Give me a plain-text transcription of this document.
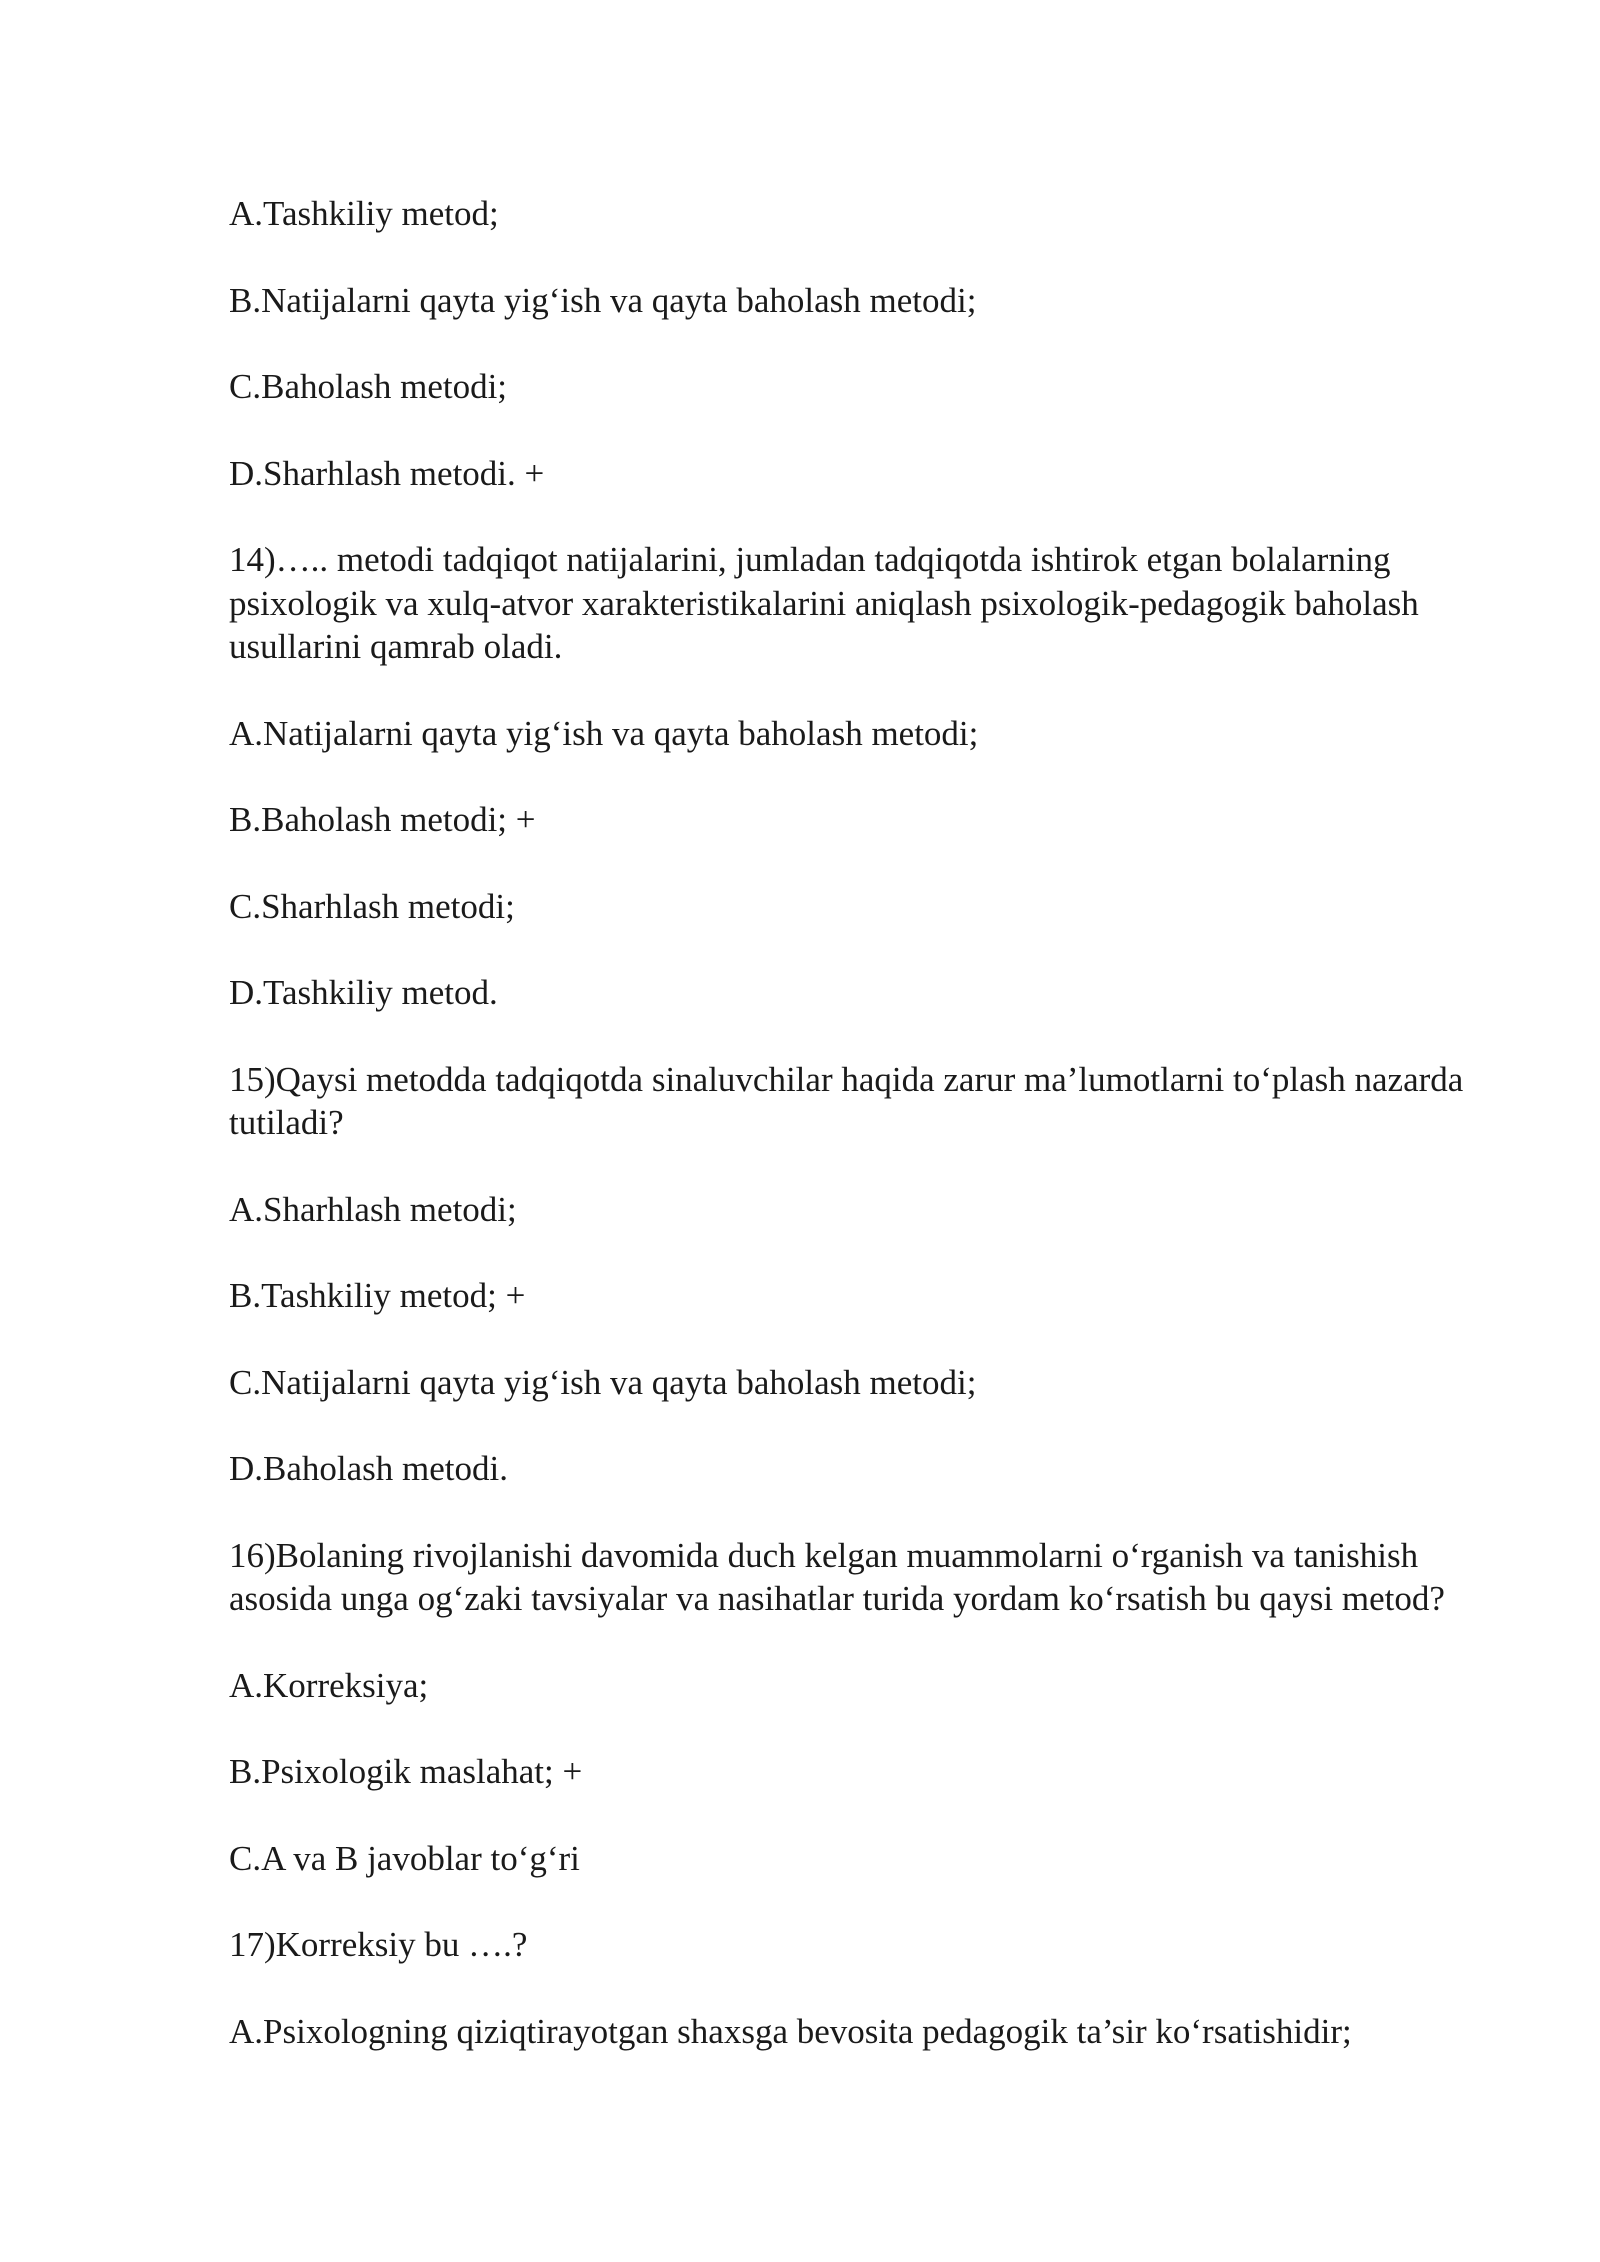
A.Tashkiliy metod;

B.Natijalarni qayta yig‘ish va qayta baholash metodi;

C.Baholash metodi;

D.Sharhlash metodi. +

14)….. metodi tadqiqot natijalarini, jumladan tadqiqotda ishtirok etgan bolalarning psixologik va xulq-atvor xarakteristikalarini aniqlash psixologik-pedagogik baholash usullarini qamrab oladi.

A.Natijalarni qayta yig‘ish va qayta baholash metodi;

B.Baholash metodi; +

C.Sharhlash metodi;

D.Tashkiliy metod.

15)Qaysi metodda tadqiqotda sinaluvchilar haqida zarur ma’lumotlarni to‘plash nazarda tutiladi?

A.Sharhlash metodi;

B.Tashkiliy metod; +

C.Natijalarni qayta yig‘ish va qayta baholash metodi;

D.Baholash metodi.

16)Bolaning rivojlanishi davomida duch kelgan muammolarni o‘rganish va tanishish asosida unga og‘zaki tavsiyalar va nasihatlar turida yordam ko‘rsatish bu qaysi metod?

A.Korreksiya;

B.Psixologik maslahat; +

C.A va B javoblar to‘g‘ri

17)Korreksiy bu ….?

A.Psixologning qiziqtirayotgan shaxsga bevosita pedagogik ta’sir ko‘rsatishidir;
